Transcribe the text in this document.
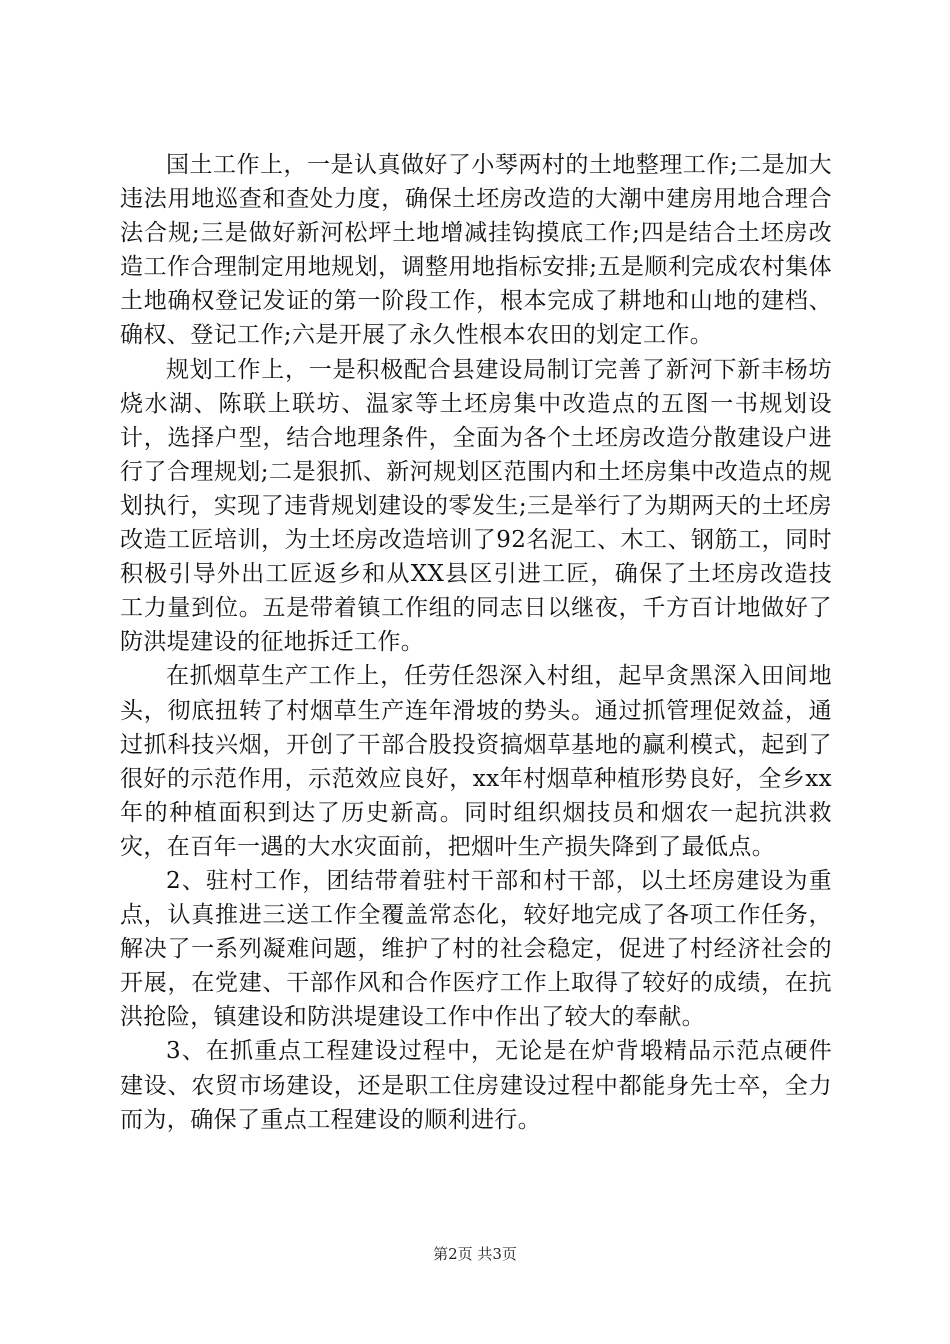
国土工作上，一是认真做好了小琴两村的土地整理工作;二是加大违法用地巡查和查处力度，确保土坯房改造的大潮中建房用地合理合法合规;三是做好新河松坪土地增减挂钩摸底工作;四是结合土坯房改造工作合理制定用地规划，调整用地指标安排;五是顺利完成农村集体土地确权登记发证的第一阶段工作，根本完成了耕地和山地的建档、确权、登记工作;六是开展了永久性根本农田的划定工作。

规划工作上，一是积极配合县建设局制订完善了新河下新丰杨坊烧水湖、陈联上联坊、温家等土坯房集中改造点的五图一书规划设计，选择户型，结合地理条件，全面为各个土坯房改造分散建设户进行了合理规划;二是狠抓、新河规划区范围内和土坯房集中改造点的规划执行，实现了违背规划建设的零发生;三是举行了为期两天的土坯房改造工匠培训，为土坯房改造培训了92名泥工、木工、钢筋工，同时积极引导外出工匠返乡和从XX县区引进工匠，确保了土坯房改造技工力量到位。五是带着镇工作组的同志日以继夜，千方百计地做好了防洪堤建设的征地拆迁工作。

在抓烟草生产工作上，任劳任怨深入村组，起早贪黑深入田间地头，彻底扭转了村烟草生产连年滑坡的势头。通过抓管理促效益，通过抓科技兴烟，开创了干部合股投资搞烟草基地的赢利模式，起到了很好的示范作用，示范效应良好，xx年村烟草种植形势良好，全乡xx年的种植面积到达了历史新高。同时组织烟技员和烟农一起抗洪救灾，在百年一遇的大水灾面前，把烟叶生产损失降到了最低点。

2、驻村工作，团结带着驻村干部和村干部，以土坯房建设为重点，认真推进三送工作全覆盖常态化，较好地完成了各项工作任务，解决了一系列凝难问题，维护了村的社会稳定，促进了村经济社会的开展，在党建、干部作风和合作医疗工作上取得了较好的成绩，在抗洪抢险，镇建设和防洪堤建设工作中作出了较大的奉献。

3、在抓重点工程建设过程中，无论是在炉背塅精品示范点硬件建设、农贸市场建设，还是职工住房建设过程中都能身先士卒，全力而为，确保了重点工程建设的顺利进行。

第2页 共3页
